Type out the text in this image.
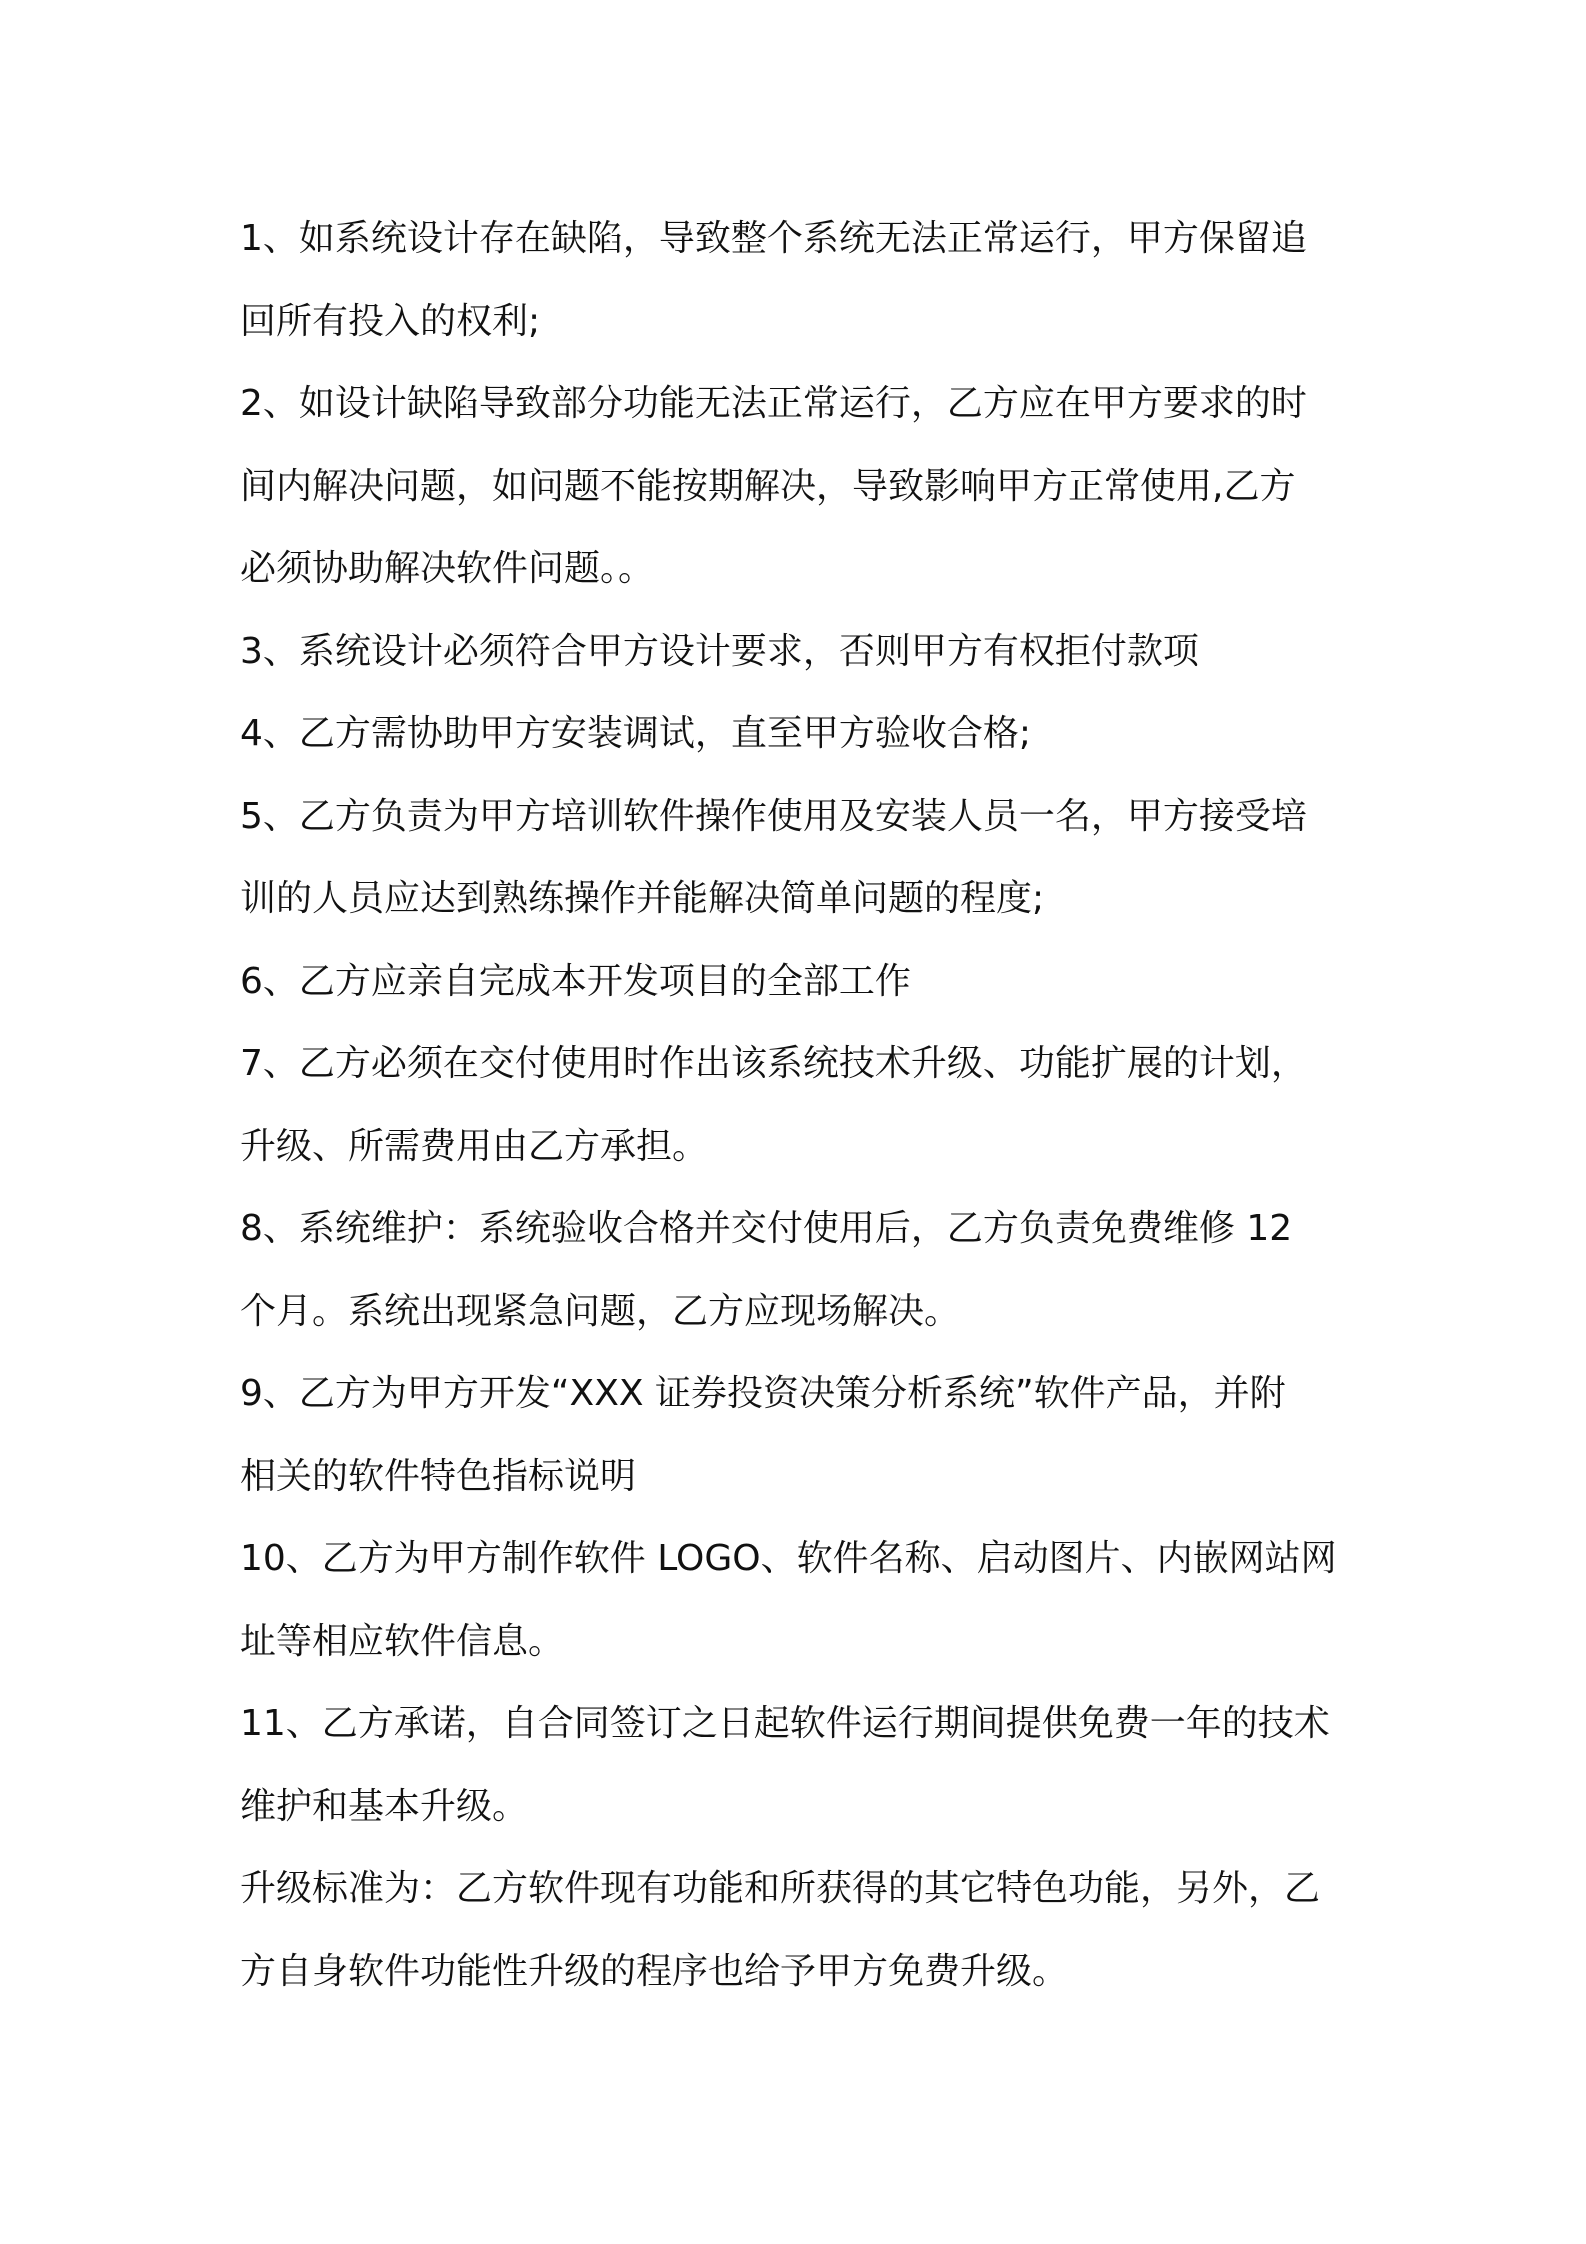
1、如系统设计存在缺陷，导致整个系统无法正常运行，甲方保留追
回所有投入的权利;
2、如设计缺陷导致部分功能无法正常运行，乙方应在甲方要求的时
间内解决问题，如问题不能按期解决，导致影响甲方正常使用,乙方
必须协助解决软件问题。。
3、系统设计必须符合甲方设计要求，否则甲方有权拒付款项
4、乙方需协助甲方安装调试，直至甲方验收合格;
5、乙方负责为甲方培训软件操作使用及安装人员一名，甲方接受培
训的人员应达到熟练操作并能解决简单问题的程度;
6、乙方应亲自完成本开发项目的全部工作
7、乙方必须在交付使用时作出该系统技术升级、功能扩展的计划，
升级、所需费用由乙方承担。
8、系统维护：系统验收合格并交付使用后，乙方负责免费维修 12
个月。系统出现紧急问题，乙方应现场解决。
9、乙方为甲方开发“XXX 证券投资决策分析系统”软件产品，并附
相关的软件特色指标说明
10、乙方为甲方制作软件 LOGO、软件名称、启动图片、内嵌网站网
址等相应软件信息。
11、乙方承诺，自合同签订之日起软件运行期间提供免费一年的技术
维护和基本升级。
升级标准为：乙方软件现有功能和所获得的其它特色功能，另外，乙
方自身软件功能性升级的程序也给予甲方免费升级。
